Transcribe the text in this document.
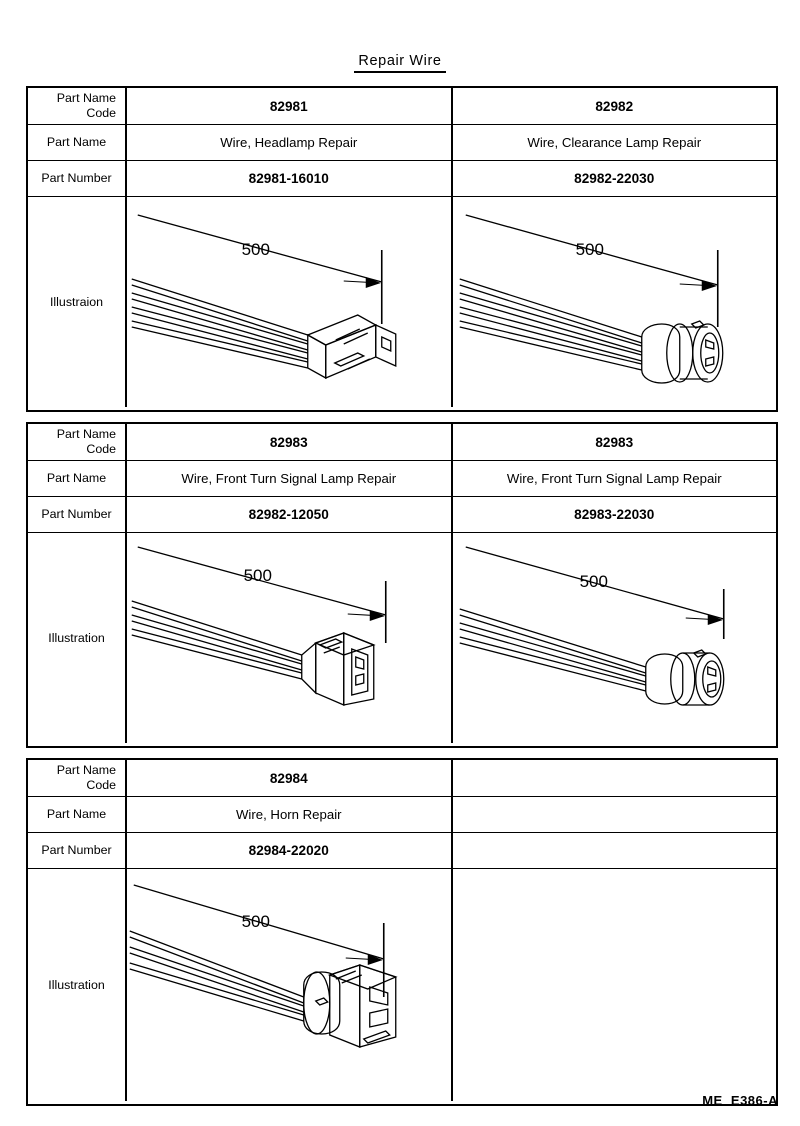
Repair Wire
Part Name
Code	82981	82982
Part Name	Wire, Headlamp Repair	Wire, Clearance Lamp Repair
Part Number	82981-16010	82982-22030
Illustraion
500	500
Part Name
Code	82983	82983
Part Name	Wire, Front Turn Signal Lamp Repair	Wire, Front Turn Signal Lamp Repair
Part Number	82982-12050	82983-22030
Illustration
500	500
Part Name
Code	82984
Part Name	Wire, Horn Repair
Part Number	82984-22020
Illustration
500
ME  E386-A
